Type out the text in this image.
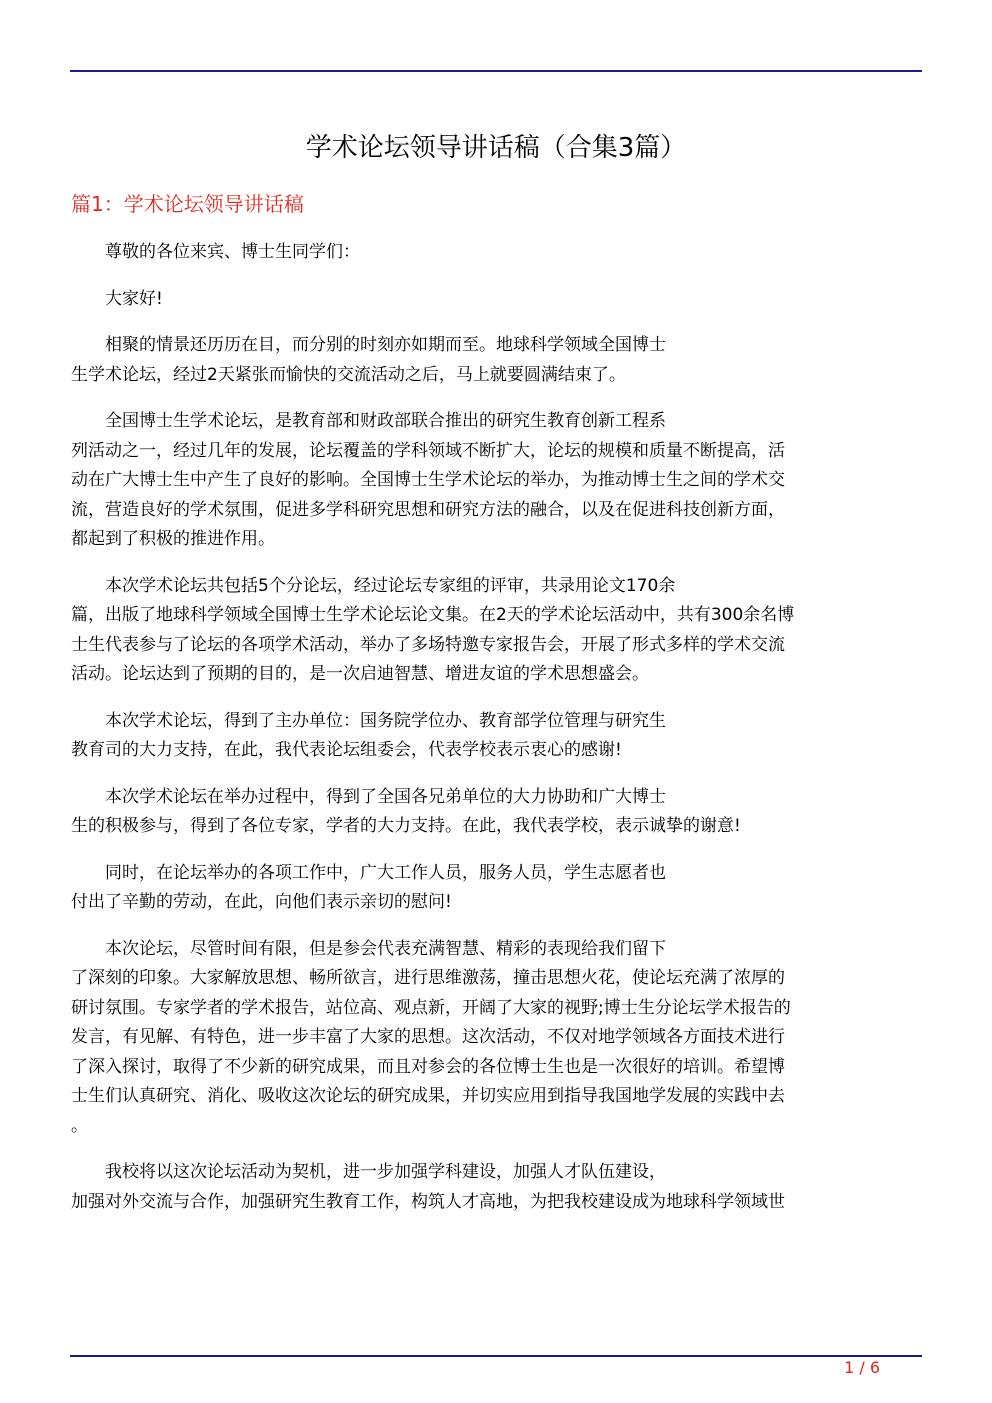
学术论坛领导讲话稿（合集3篇）
篇1：学术论坛领导讲话稿

　　尊敬的各位来宾、博士生同学们：

　　大家好!

　　相聚的情景还历历在目，而分别的时刻亦如期而至。地球科学领域全国博士
生学术论坛，经过2天紧张而愉快的交流活动之后，马上就要圆满结束了。

　　全国博士生学术论坛，是教育部和财政部联合推出的研究生教育创新工程系
列活动之一，经过几年的发展，论坛覆盖的学科领域不断扩大，论坛的规模和质量不断提高，活
动在广大博士生中产生了良好的影响。全国博士生学术论坛的举办，为推动博士生之间的学术交
流，营造良好的学术氛围，促进多学科研究思想和研究方法的融合，以及在促进科技创新方面，
都起到了积极的推进作用。

　　本次学术论坛共包括5个分论坛，经过论坛专家组的评审，共录用论文170余
篇，出版了地球科学领域全国博士生学术论坛论文集。在2天的学术论坛活动中，共有300余名博
士生代表参与了论坛的各项学术活动，举办了多场特邀专家报告会，开展了形式多样的学术交流
活动。论坛达到了预期的目的，是一次启迪智慧、增进友谊的学术思想盛会。

　　本次学术论坛，得到了主办单位：国务院学位办、教育部学位管理与研究生
教育司的大力支持，在此，我代表论坛组委会，代表学校表示衷心的感谢!

　　本次学术论坛在举办过程中，得到了全国各兄弟单位的大力协助和广大博士
生的积极参与，得到了各位专家，学者的大力支持。在此，我代表学校，表示诚挚的谢意!

　　同时，在论坛举办的各项工作中，广大工作人员，服务人员，学生志愿者也
付出了辛勤的劳动，在此，向他们表示亲切的慰问!

　　本次论坛，尽管时间有限，但是参会代表充满智慧、精彩的表现给我们留下
了深刻的印象。大家解放思想、畅所欲言，进行思维激荡，撞击思想火花，使论坛充满了浓厚的
研讨氛围。专家学者的学术报告，站位高、观点新，开阔了大家的视野;博士生分论坛学术报告的
发言，有见解、有特色，进一步丰富了大家的思想。这次活动，不仅对地学领域各方面技术进行
了深入探讨，取得了不少新的研究成果，而且对参会的各位博士生也是一次很好的培训。希望博
士生们认真研究、消化、吸收这次论坛的研究成果，并切实应用到指导我国地学发展的实践中去
。

　　我校将以这次论坛活动为契机，进一步加强学科建设，加强人才队伍建设，
加强对外交流与合作，加强研究生教育工作，构筑人才高地，为把我校建设成为地球科学领域世

1 / 6
